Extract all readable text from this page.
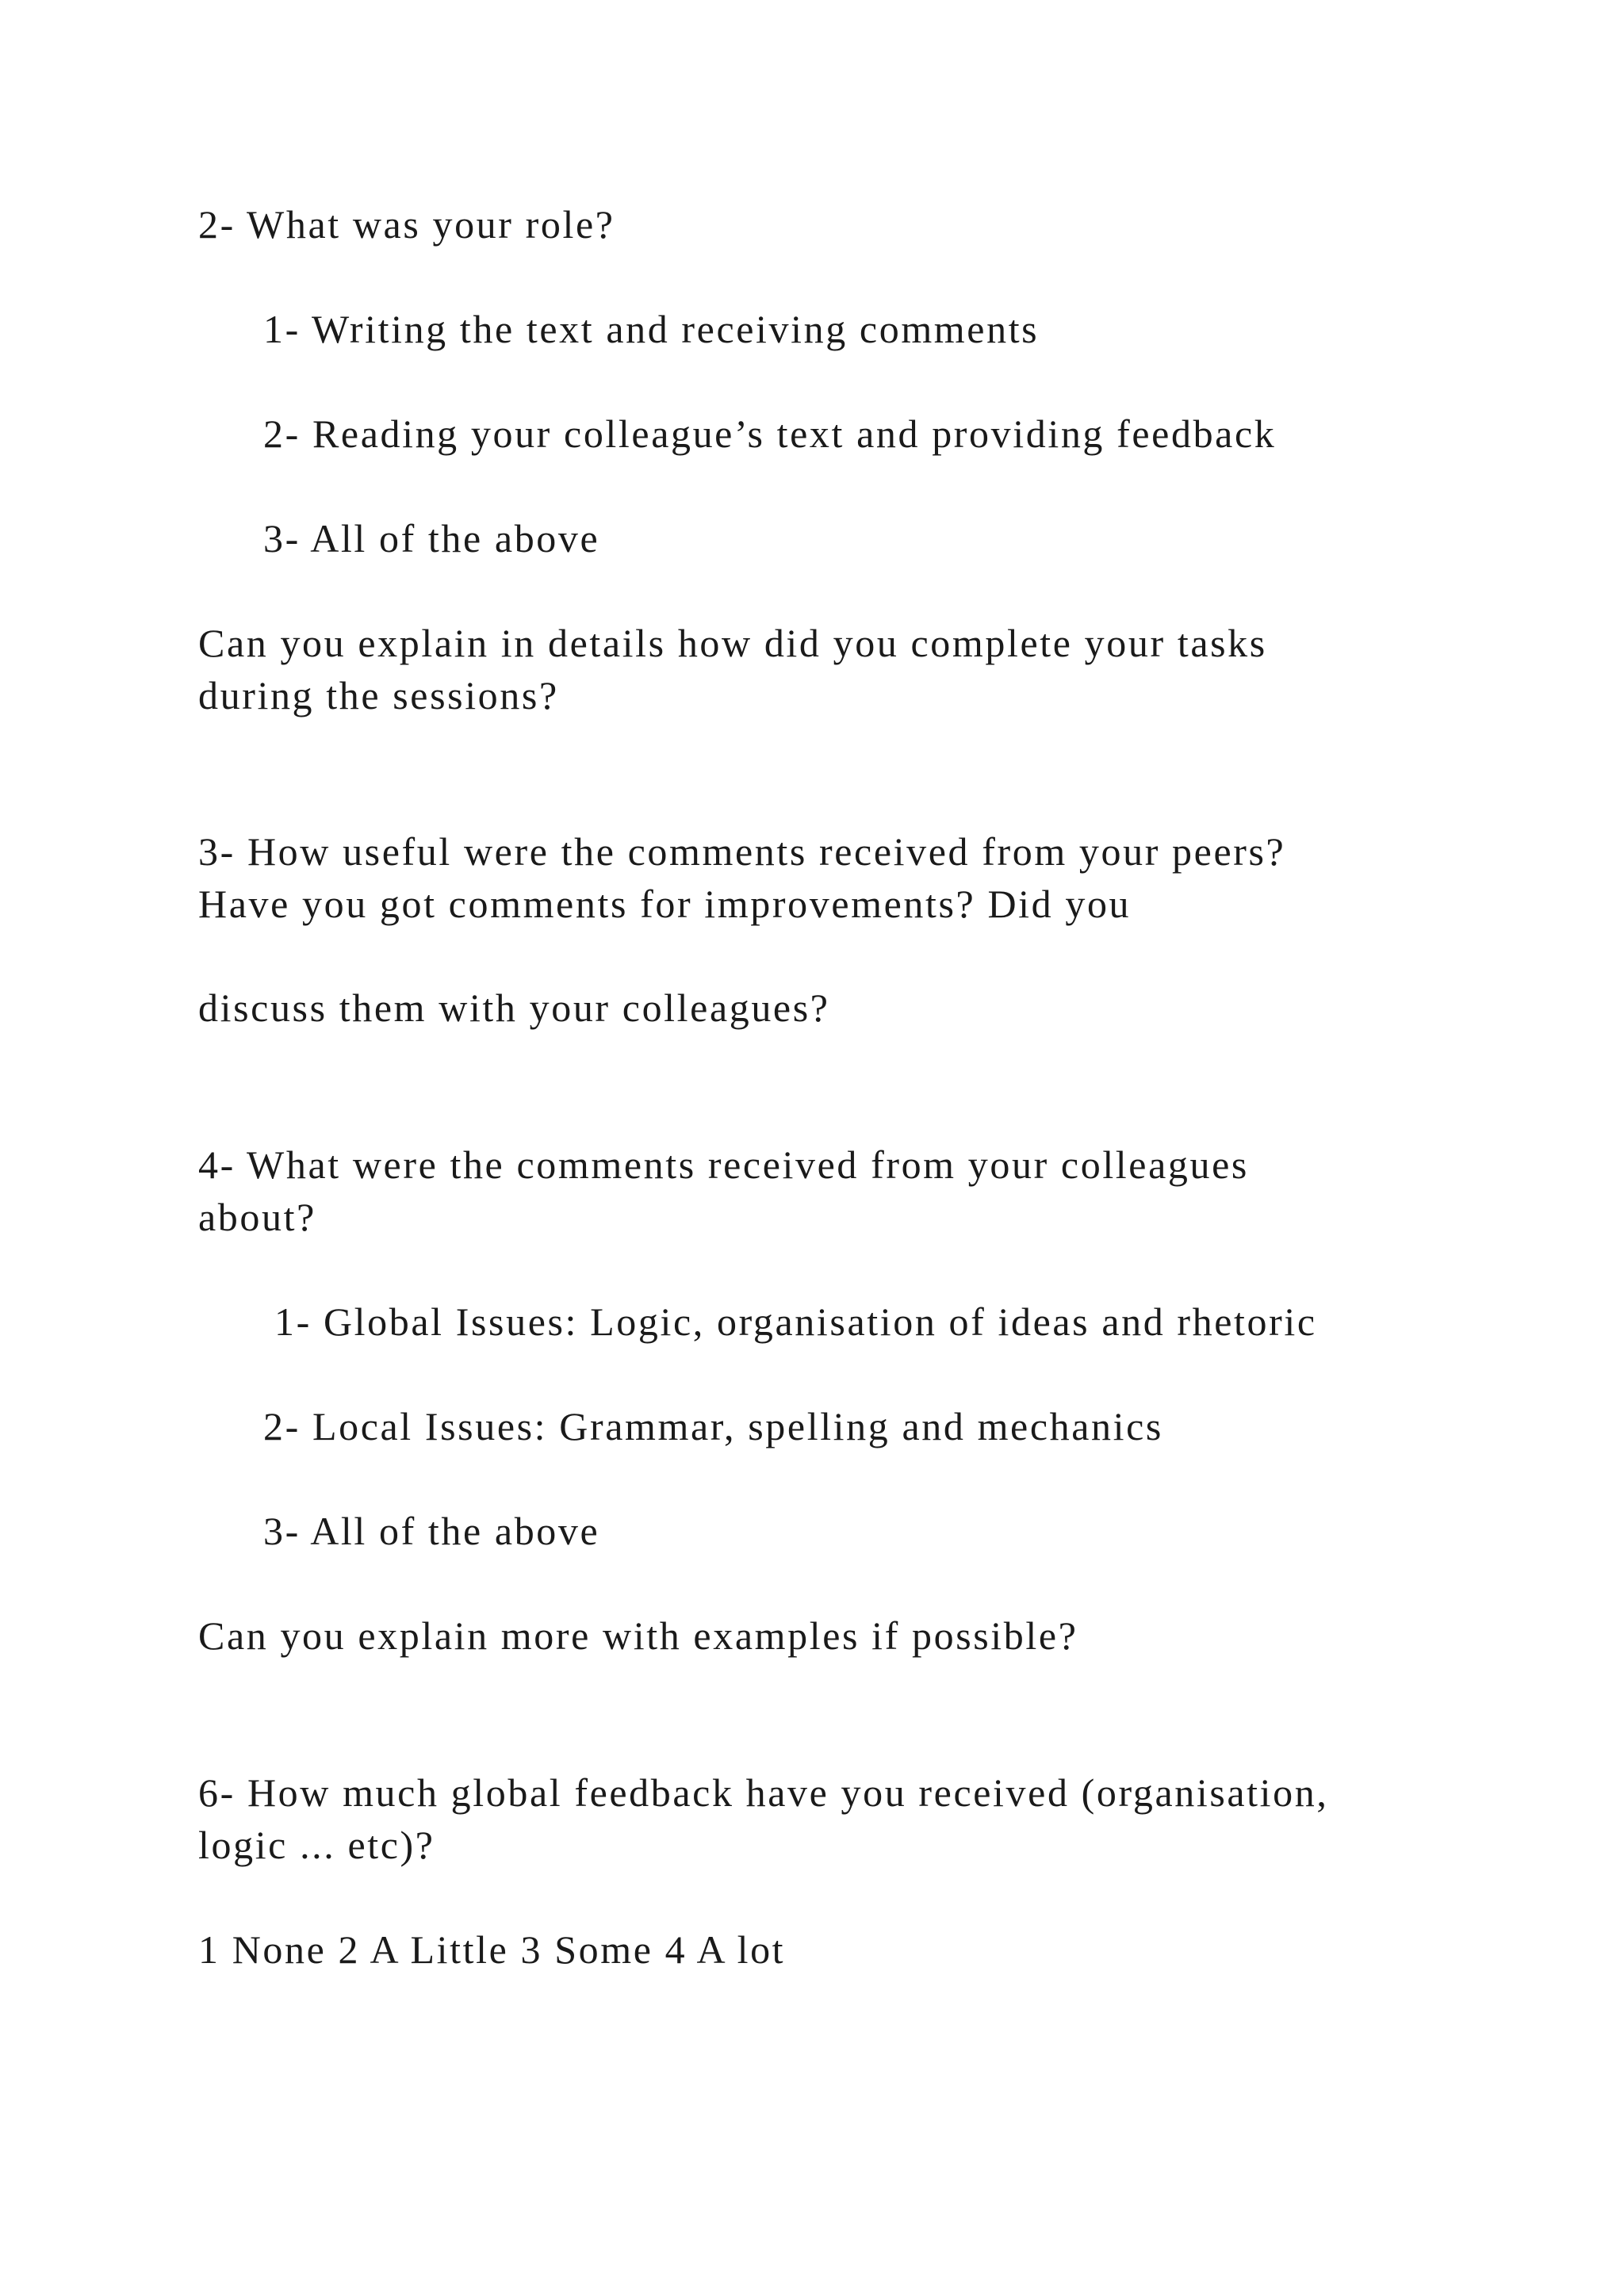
2- What was your role?
1- Writing the text and receiving comments
2- Reading your colleague’s text and providing feedback
3- All of the above
Can you explain in details how did you complete your tasks
during the sessions?
3- How useful were the comments received from your peers?
Have you got comments for improvements? Did you
discuss them with your colleagues?
4- What were the comments received from your colleagues
about?
1- Global Issues: Logic, organisation of ideas and rhetoric
2- Local Issues: Grammar, spelling and mechanics
3- All of the above
Can you explain more with examples if possible?
6- How much global feedback have you received (organisation,
logic ... etc)?
1 None 2 A Little 3 Some 4 A lot
